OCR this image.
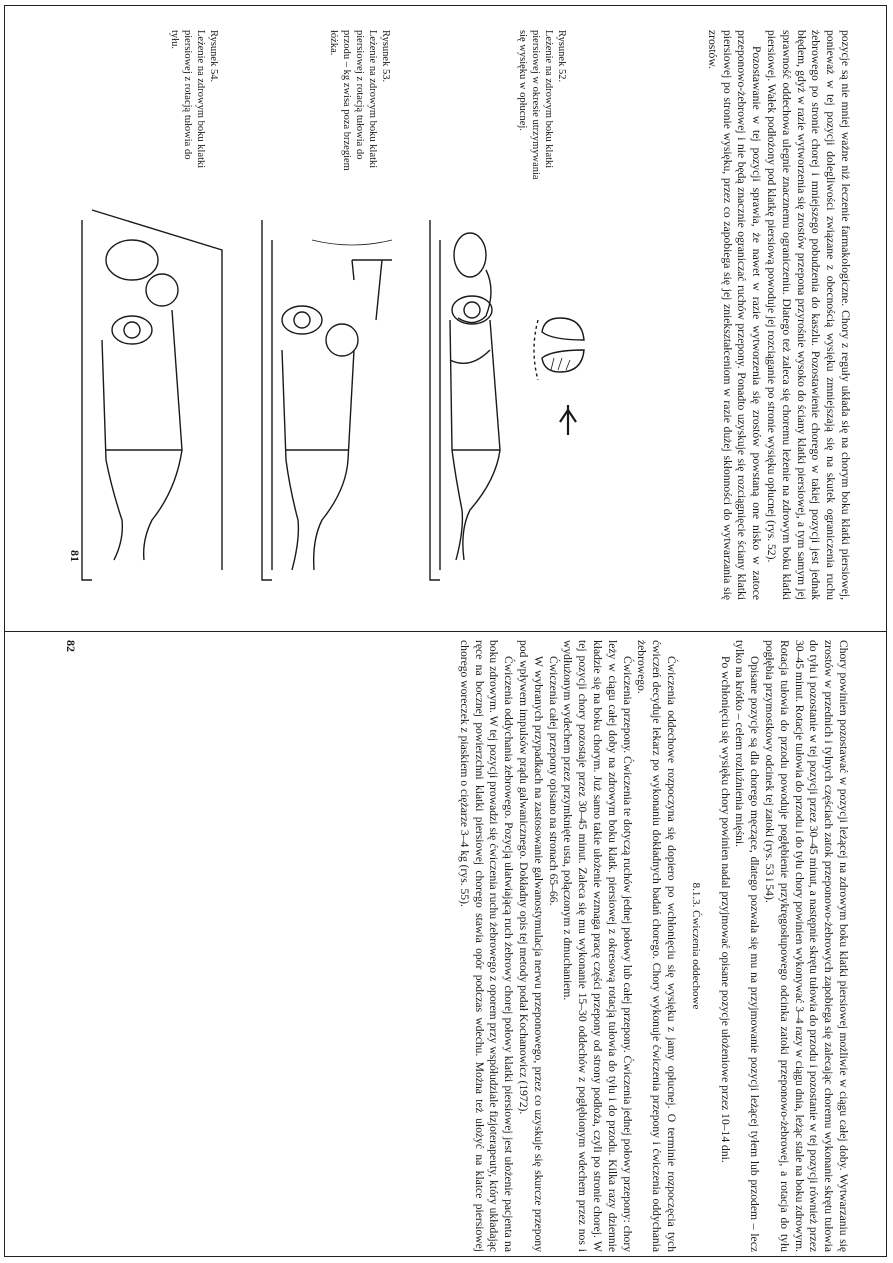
pozycje są nie mniej ważne niż leczenie farmakologiczne. Chory z reguły układa się na chorym boku klatki piersiowej, ponieważ w tej pozycji dolegliwości związane z obecnością wysięku zmniejszają się na skutek ograniczenia ruchu żebrowego po stronie chorej i mniejszego pobudzenia do kaszlu. Pozostawienie chorego w takiej pozycji jest jednak błędem, gdyż w razie wytworzenia się zrostów przepona przyrośnie wysoko do ściany klatki piersiowej, a tym samym jej sprawność oddechowa ulegnie znacznemu ograniczeniu. Dlatego też zaleca się choremu leżenie na zdrowym boku klatki piersiowej. Wałek podłożony pod klatkę piersiową powoduje jej rozciąganie po stronie wysięku opłucnej (rys. 52).

Pozostawanie w tej pozycji sprawia, że nawet w razie wytworzenia się zrostów powstaną one nisko w zatoce przeponowo-żebrowej i nie będą znacznie ograniczać ruchów przepony. Ponadto uzyskuje się rozciągnięcie ściany klatki piersiowej po stronie wysięku, przez co zapobiega się jej zniekształceniom w razie dużej skłonności do wytwarzania się zrostów.

Rysunek 52.
Leżenie na zdrowym boku klatki piersiowej w okresie utrzymywania się wysięku w opłucnej.
Rysunek 53.
Leżenie na zdrowym boku klatki piersiowej z rotacją tułowia do przodu – kg zwisa poza brzegiem łóżka.
Rysunek 54.
Leżenie na zdrowym boku klatki piersiowej z rotacją tułowia do tyłu.
81

Chory powinien pozostawać w pozycji leżącej na zdrowym boku klatki piersiowej możliwie w ciągu całej doby. Wytwarzaniu się zrostów w przednich i tylnych częściach zatok przeponowo-żebrowych zapobiega się zalecając choremu wykonanie skrętu tułowia do tyłu i pozostanie w tej pozycji przez 30–45 minut, a następnie skrętu tułowia do przodu i pozostanie w tej pozycji również przez 30–45 minut. Rotacje tułowia do przodu i do tyłu chory powinien wykonywać 3–4 razy w ciągu dnia, leżąc stale na boku zdrowym. Rotacja tułowia do przodu powoduje pogłębienie przykręgosłupowego odcinka zatoki przeponowo-żebrowej, a rotacja do tyłu pogłębia przymostkowy odcinek tej zatoki (rys. 53 i 54).

Opisane pozycje są dla chorego męczące, dlatego pozwala się mu na przyjmowanie pozycji leżącej tyłem lub przodem – lecz tylko na krótko – celem rozluźnienia mięśni.

Po wchłonięciu się wysięku chory powinien nadal przyjmować opisane pozycje ułożeniowe przez 10–14 dni.

8.1.3. Ćwiczenia oddechowe

Ćwiczenia oddechowe rozpoczyna się dopiero po wchłonięciu się wysięku z jamy opłucnej. O terminie rozpoczęcia tych ćwiczeń decyduje lekarz po wykonaniu dokładnych badań chorego. Chory wykonuje ćwiczenia przepony i ćwiczenia oddychania żebrowego.

Ćwiczenia przepony. Ćwiczenia te dotyczą ruchów jednej połowy lub całej przepony. Ćwiczenia jednej połowy przepony: chory leży w ciągu całej doby na zdrowym boku klatk. piersiowej z okresową rotacją tułowia do tyłu i do przodu. Kilka razy dziennie kładzie się na boku chorym. Już samo takie ułożenie wzmaga pracę części przepony od strony podłoża, czyli po stronie chorej. W tej pozycji chory pozostaje przez 30–45 minut. Zaleca się mu wykonanie 15–30 oddechów z pogłębionym wdechem przez nos i wydłużonym wydechem przez przymknięte usta, połączonym z dmuchaniem.

Ćwiczenia całej przepony opisano na stronach 65–66.

W wybranych przypadkach na zastosowanie galwanostymulacja nerwu przeponowego, przez co uzyskuje się skurcze przepony pod wpływem impulsów prądu galwanicznego. Dokładny opis tej metody podał Kochanowicz (1972).

Ćwiczenia oddychania żebrowego. Pozycją ułatwiającą ruch żebrowy chorej połowy klatki piersiowej jest ułożenie pacjenta na boku zdrowym. W tej pozycji prowadzi się ćwiczenia ruchu żebrowego z oporem przy współudziale fizjoterapeuty, który układając ręce na bocznej powierzchni klatki piersiowej chorego stawia opór podczas wdechu. Można też ułożyć na klatce piersiowej chorego woreczek z piaskiem o ciężarze 3–4 kg (rys. 55).

82
